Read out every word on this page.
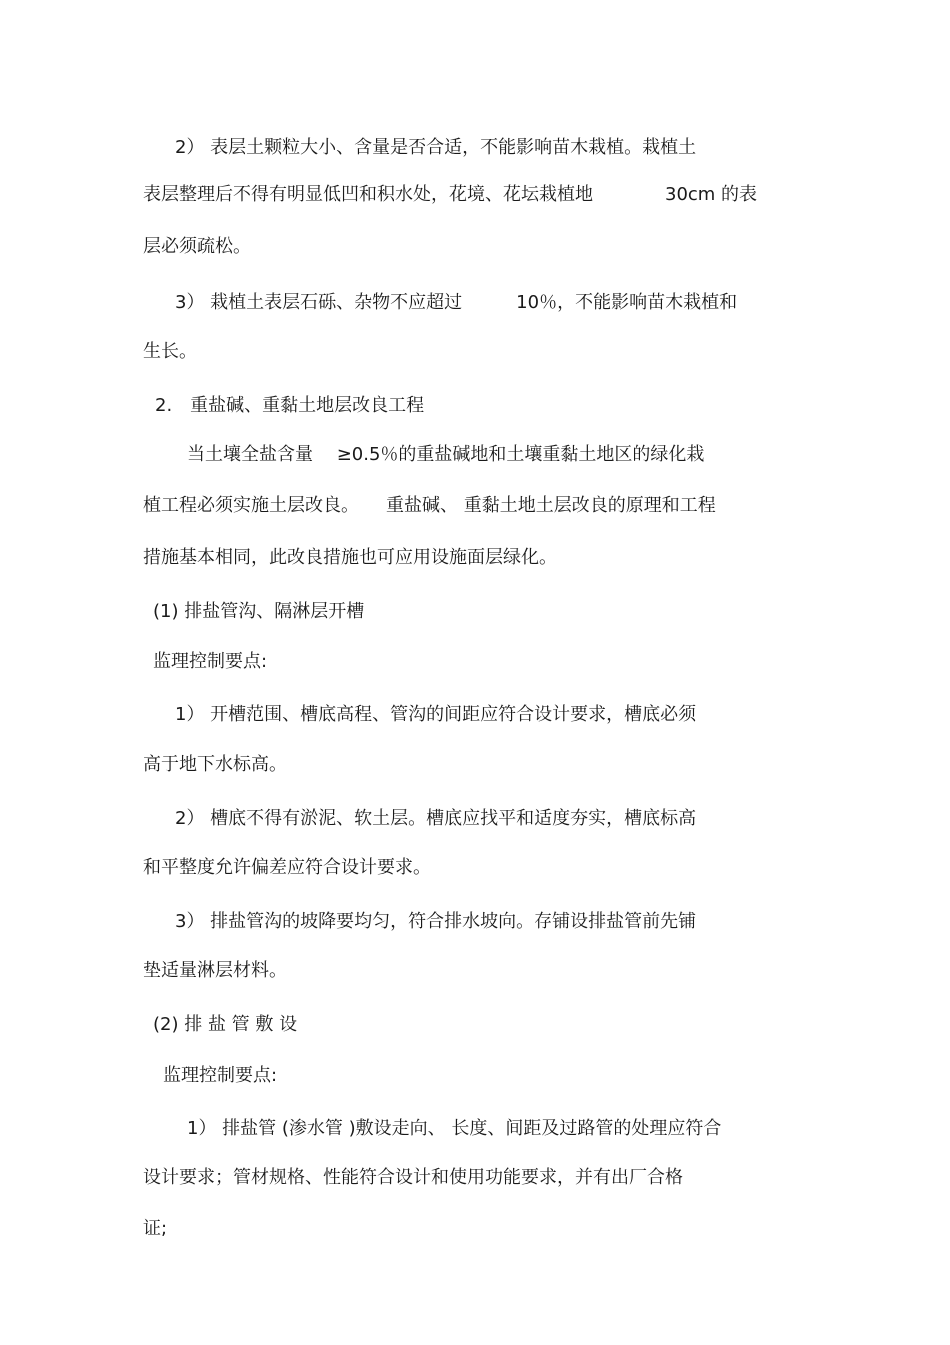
2） 表层土颗粒大小、含量是否合适，不能影响苗木栽植。栽植土
表层整理后不得有明显低凹和积水处，花境、花坛栽植地　　　　30cm 的表
层必须疏松。
3） 栽植土表层石砾、杂物不应超过　　　10％，不能影响苗木栽植和
生长。
2.　重盐碱、重黏土地层改良工程
当土壤全盐含量　 ≥0.5％的重盐碱地和土壤重黏土地区的绿化栽
植工程必须实施土层改良。　　重盐碱、 重黏土地土层改良的原理和工程
措施基本相同，此改良措施也可应用设施面层绿化。
(1) 排盐管沟、隔淋层开槽
监理控制要点:
1） 开槽范围、槽底高程、管沟的间距应符合设计要求，槽底必须
高于地下水标高。
2） 槽底不得有淤泥、软土层。槽底应找平和适度夯实，槽底标高
和平整度允许偏差应符合设计要求。
3） 排盐管沟的坡降要均匀，符合排水坡向。存铺设排盐管前先铺
垫适量淋层材料。
(2) 排 盐 管 敷 设
监理控制要点:
1） 排盐管 (渗水管 )敷设走向、 长度、间距及过路管的处理应符合
设计要求；管材规格、性能符合设计和使用功能要求，并有出厂合格
证;
